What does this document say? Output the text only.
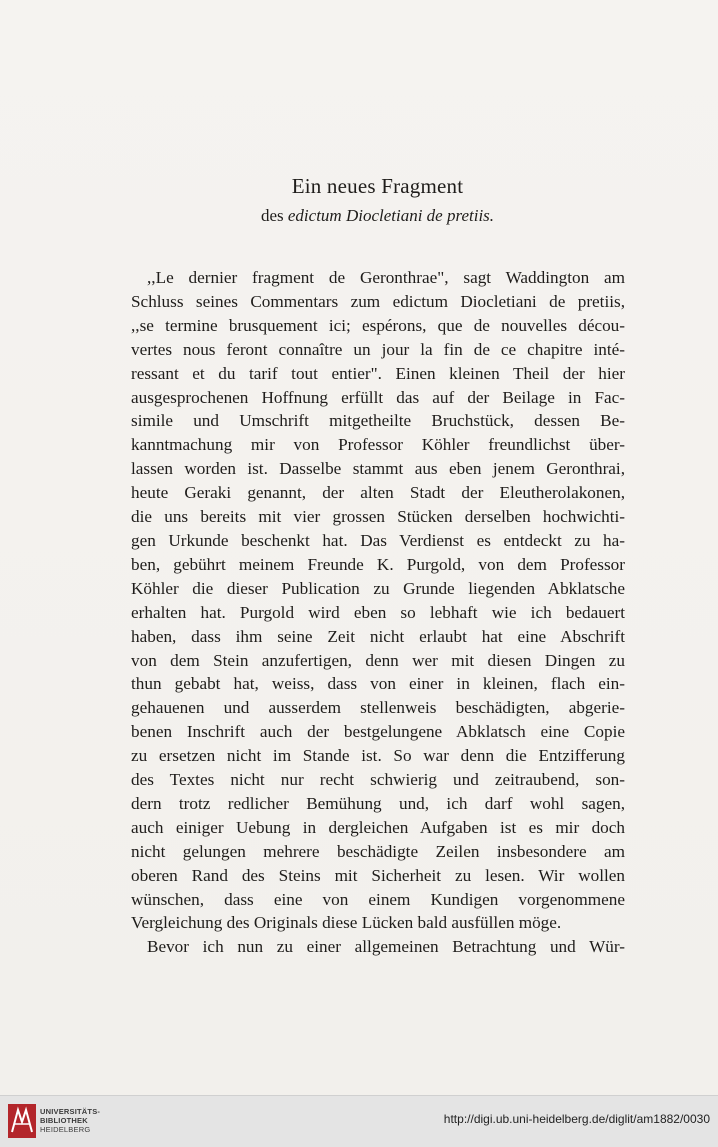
Ein neues Fragment
des edictum Diocletiani de pretiis.
,,Le dernier fragment de Geronthrae", sagt Waddington am
Schluss seines Commentars zum edictum Diocletiani de pretiis,
,,se termine brusquement ici; espérons, que de nouvelles décou-
vertes nous feront connaître un jour la fin de ce chapitre inté-
ressant et du tarif tout entier". Einen kleinen Theil der hier
ausgesprochenen Hoffnung erfüllt das auf der Beilage in Fac-
simile und Umschrift mitgetheilte Bruchstück, dessen Be-
kanntmachung mir von Professor Köhler freundlichst über-
lassen worden ist. Dasselbe stammt aus eben jenem Geronthrai,
heute Geraki genannt, der alten Stadt der Eleutherolakonen,
die uns bereits mit vier grossen Stücken derselben hochwichti-
gen Urkunde beschenkt hat. Das Verdienst es entdeckt zu ha-
ben, gebührt meinem Freunde K. Purgold, von dem Professor
Köhler die dieser Publication zu Grunde liegenden Abklatsche
erhalten hat. Purgold wird eben so lebhaft wie ich bedauert
haben, dass ihm seine Zeit nicht erlaubt hat eine Abschrift
von dem Stein anzufertigen, denn wer mit diesen Dingen zu
thun gebabt hat, weiss, dass von einer in kleinen, flach ein-
gehauenen und ausserdem stellenweis beschädigten, abgerie-
benen Inschrift auch der bestgelungene Abklatsch eine Copie
zu ersetzen nicht im Stande ist. So war denn die Entzifferung
des Textes nicht nur recht schwierig und zeitraubend, son-
dern trotz redlicher Bemühung und, ich darf wohl sagen,
auch einiger Uebung in dergleichen Aufgaben ist es mir doch
nicht gelungen mehrere beschädigte Zeilen insbesondere am
oberen Rand des Steins mit Sicherheit zu lesen. Wir wollen
wünschen, dass eine von einem Kundigen vorgenommene
Vergleichung des Originals diese Lücken bald ausfüllen möge.
Bevor ich nun zu einer allgemeinen Betrachtung und Wür-
UNIVERSITÄTS-
BIBLIOTHEK
HEIDELBERG
http://digi.ub.uni-heidelberg.de/diglit/am1882/0030
